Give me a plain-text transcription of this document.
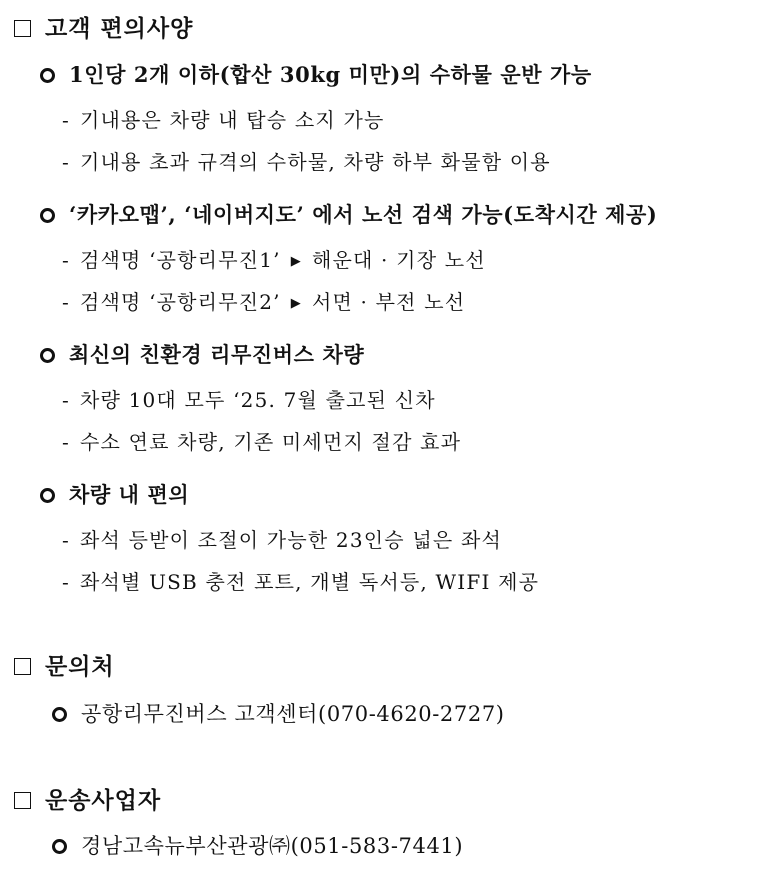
고객 편의사양
1인당 2개 이하(합산 30kg 미만)의 수하물 운반 가능
- 기내용은 차량 내 탑승 소지 가능
- 기내용 초과 규격의 수하물, 차량 하부 화물함 이용
‘카카오맵’, ‘네이버지도’ 에서 노선 검색 가능(도착시간 제공)
- 검색명 ‘공항리무진1’ ▶ 해운대 · 기장 노선
- 검색명 ‘공항리무진2’ ▶ 서면 · 부전 노선
최신의 친환경 리무진버스 차량
- 차량 10대 모두 ‘25. 7월 출고된 신차
- 수소 연료 차량, 기존 미세먼지 절감 효과
차량 내 편의
- 좌석 등받이 조절이 가능한 23인승 넓은 좌석
- 좌석별 USB 충전 포트, 개별 독서등, WIFI 제공
문의처
공항리무진버스 고객센터(070-4620-2727)
운송사업자
경남고속뉴부산관광㈜(051-583-7441)
